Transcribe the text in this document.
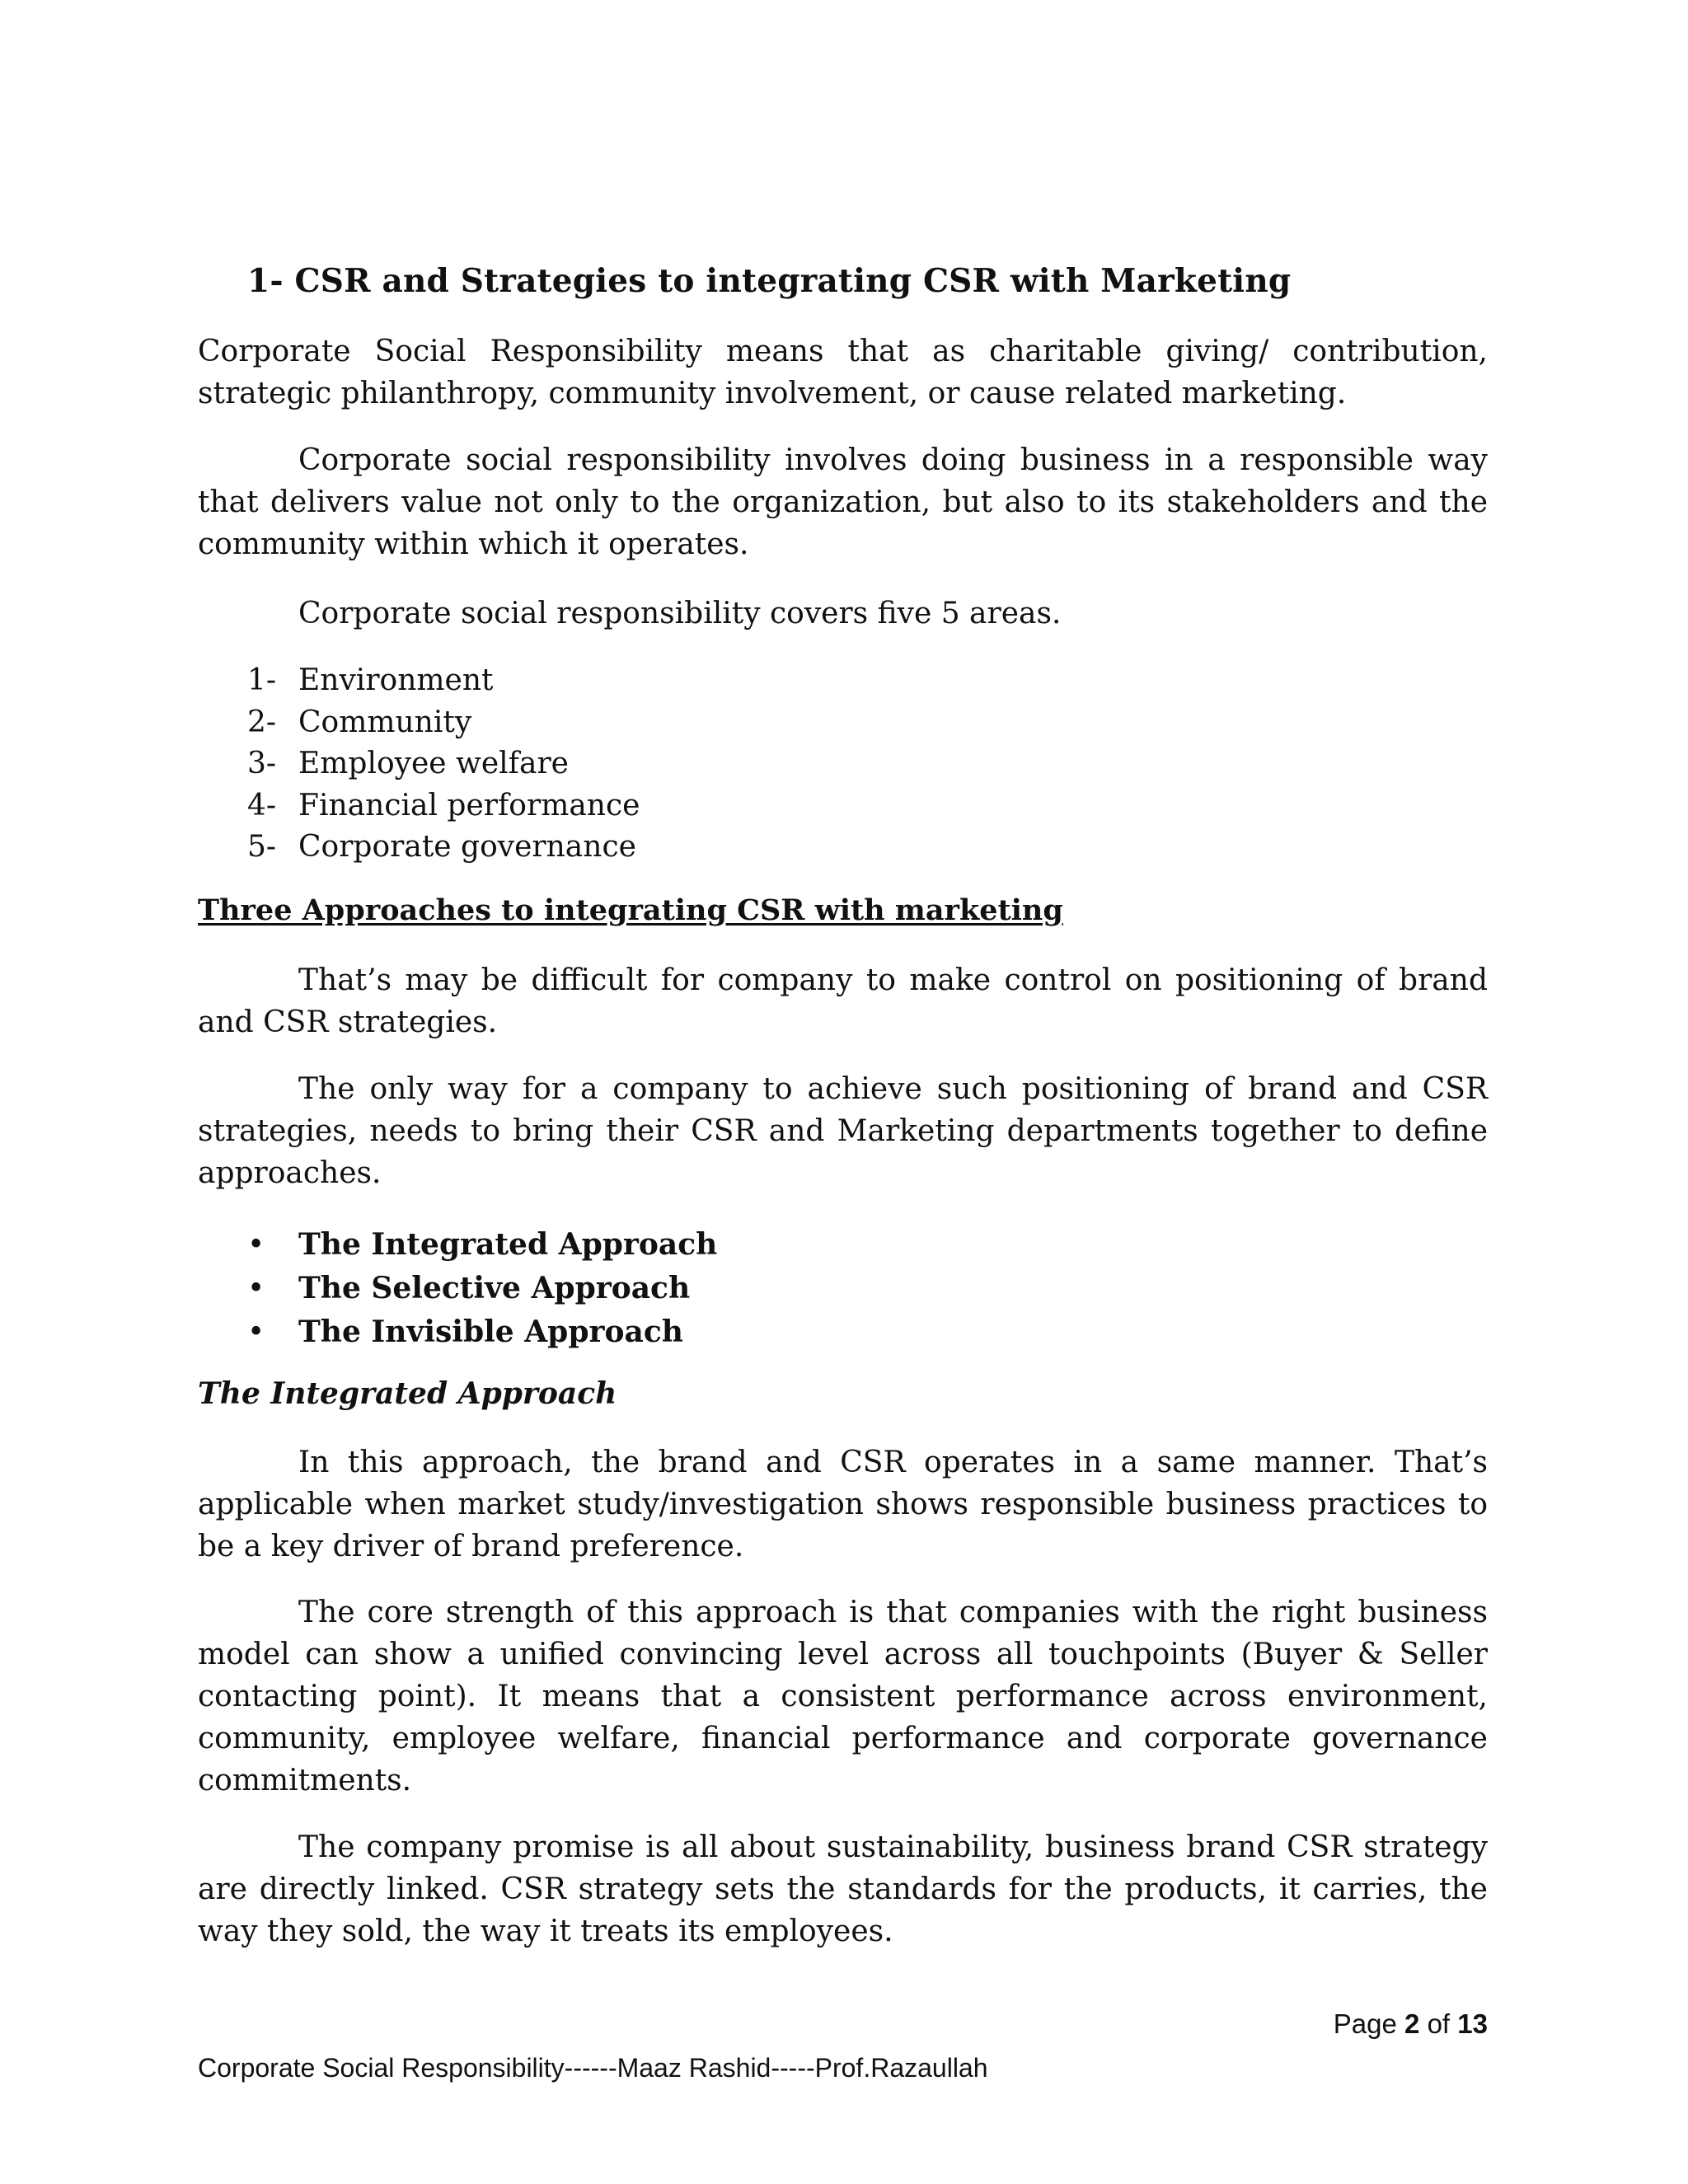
1- CSR and Strategies to integrating CSR with Marketing

Corporate Social Responsibility means that as charitable giving/ contribution, strategic philanthropy, community involvement, or cause related marketing.

Corporate social responsibility involves doing business in a responsible way that delivers value not only to the organization, but also to its stakeholders and the community within which it operates.

Corporate social responsibility covers five 5 areas.

1- Environment
2- Community
3- Employee welfare
4- Financial performance
5- Corporate governance
Three Approaches to integrating CSR with marketing

That’s may be difficult for company to make control on positioning of brand and CSR strategies.

The only way for a company to achieve such positioning of brand and CSR strategies, needs to bring their CSR and Marketing departments together to define approaches.

• The Integrated Approach
• The Selective Approach
• The Invisible Approach
The Integrated Approach

In this approach, the brand and CSR operates in a same manner. That’s applicable when market study/investigation shows responsible business practices to be a key driver of brand preference.

The core strength of this approach is that companies with the right business model can show a unified convincing level across all touchpoints (Buyer & Seller contacting point). It means that a consistent performance across environment, community, employee welfare, financial performance and corporate governance commitments.

The company promise is all about sustainability, business brand CSR strategy are directly linked. CSR strategy sets the standards for the products, it carries, the way they sold, the way it treats its employees.

Page 2 of 13
Corporate Social Responsibility------Maaz Rashid-----Prof.Razaullah
